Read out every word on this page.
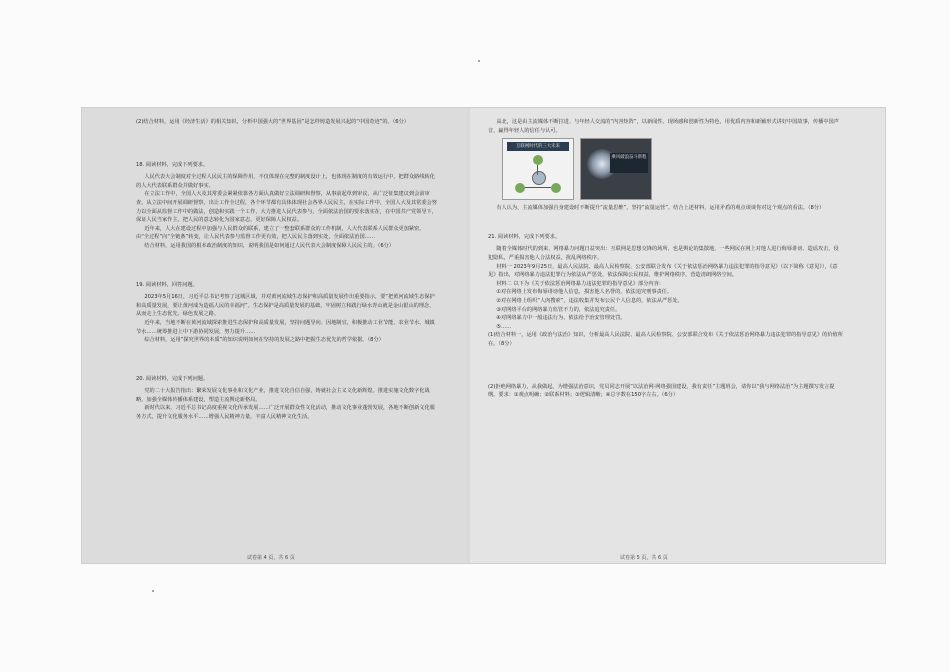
(2)结合材料，运用《经济生活》的相关知识，分析中国强大的“世界基因”是怎样铸造发展兴起的“中国奇迹”的。（6分）

18. 阅读材料，完成下列要求。

人民代表大会制度对全过程人民民主的保障作用，不仅体现在完整的制度设计上，也体现在制度的有效运行中，把群众路线转化的人大代表联系群众并做好事实。

在立法工作中，全国人大及其常委会紧紧依靠各方面认真做好立法调研和督察，从事前起草到审议，从广泛征集建议到会前审查，从立法中间开展调研督察，出让工作全过程，各个环节都有具体体现社会各界人民民主，在实际工作中，全国人大及其常委会努力以全面从监督工作中的做法，创造和实践一个工作、大力推进人民代表参与，全面依法治国的要求落实在，在中国共产党领导下，保证人民当家作主，把人民的意志转化为国家意志，更好保障人民权益。

近年来，人大在建设过程中加强与人民群众的联系，建立了一整套联系群众的工作机制，人大代表联系人民群众更加紧密，由“全过程”向“全链条”转变，让人民代表参与监督工作更有效，把人民民主落到实处，全面依法治国……

结合材料，运用我国的根本政治制度的知识，说明我国是如何通过人民代表大会制度保障人民民主的。（6分）

19. 阅读材料，回答问题。

2023年5月16日，习近平总书记考察了这城区域，并对黄河流域生态保护和高质量发展作出重要指示，要“把黄河流域生态保护和高质量发展，要让黄河成为造福人民的幸福河”。生态保护是高质量发展的基础，牢固树立和践行绿水青山就是金山银山的理念，从而走上生态优先、绿色发展之路。

近年来，当地不断在黄河流域探索推进生态保护和高质量发展，坚持问题导向、因地制宜，积极推动工业节能、农业节水、城镇节水……统筹推进上中下游协同发展，努力提升……

综合材料，运用“探究世界的本质”的知识说明如何在坚持的发展之路中把握生态优先的哲学依据。（8分）

20. 阅读材料，完成下列问题。

党的二十大报告指出：繁荣发展文化事业和文化产业，推进文化自信自强，铸就社会主义文化新辉煌。推进实施文化数字化战略，加强全媒体传播体系建设，塑造主流舆论新格局。

新时代以来，习近平总书记高度重视文化传承发展……广泛开展群众性文化活动，推动文化事业蓬勃发展，各地不断创新文化服务方式，提升文化服务水平……增强人民精神力量，丰富人民精神文化生活。

试卷第 4 页，共 6 页

高北，这是由主流媒体不断拉进、与年轻人交流的“内容矩阵”，以新闻性、现场感和创新性为特色，用优质内容和新颖形式讲好中国故事，传播中国声音，赢得年轻人的信任与认可。

互联网时代的三大未来
乘风破浪奋斗新程

有人认为，主流媒体加强自身建设时不断提升“流量思维”，坚持“流量运营”。结合上述材料，运用矛盾的观点谈谈你对这个观点的看法。（8分）

21. 阅读材料，完成下列要求。

随着全媒体时代的到来，网络暴力问题日益突出：互联网是思想交锋的场所，也是舆论的集散地，一些网民在网上对他人进行侮辱诽谤、造谣攻击、侵犯隐私，严重损害他人合法权益，扰乱网络秩序。

材料一 2023年9月25日，最高人民法院、最高人民检察院、公安部联合发布《关于依法惩治网络暴力违法犯罪的指导意见》（以下简称《意见》），《意见》指出，对网络暴力违法犯罪行为依法从严惩处，依法保障公民权益，维护网络秩序，营造清朗网络空间。

材料二 以下为《关于依法惩治网络暴力违法犯罪的指导意见》部分内容：

①对在网络上发布侮辱诽谤他人信息，损害他人名誉的，依法追究刑事责任。

②对在网络上组织“人肉搜索”，违法收集并发布公民个人信息的，依法从严惩处。

③对网络平台的网络暴力监管不力的，依法追究责任。

④对网络暴力中一般违法行为，依法给予治安管理处罚。

⑤……

(1)结合材料一，运用《政治与法治》知识，分析最高人民法院、最高人民检察院、公安部联合发布《关于依法惩治网络暴力违法犯罪的指导意见》的价值所在。（8分）

(2)拒绝网络暴力，从我做起。为增强法治意识，党员同志开展“以法治网·网络强国建设，我有责任”主题班会，请你以“我与网络法治”为主题撰写发言提纲。要求：①观点明确；②联系材料；③逻辑清晰；④总字数在150字左右。（6分）

试卷第 5 页，共 6 页
